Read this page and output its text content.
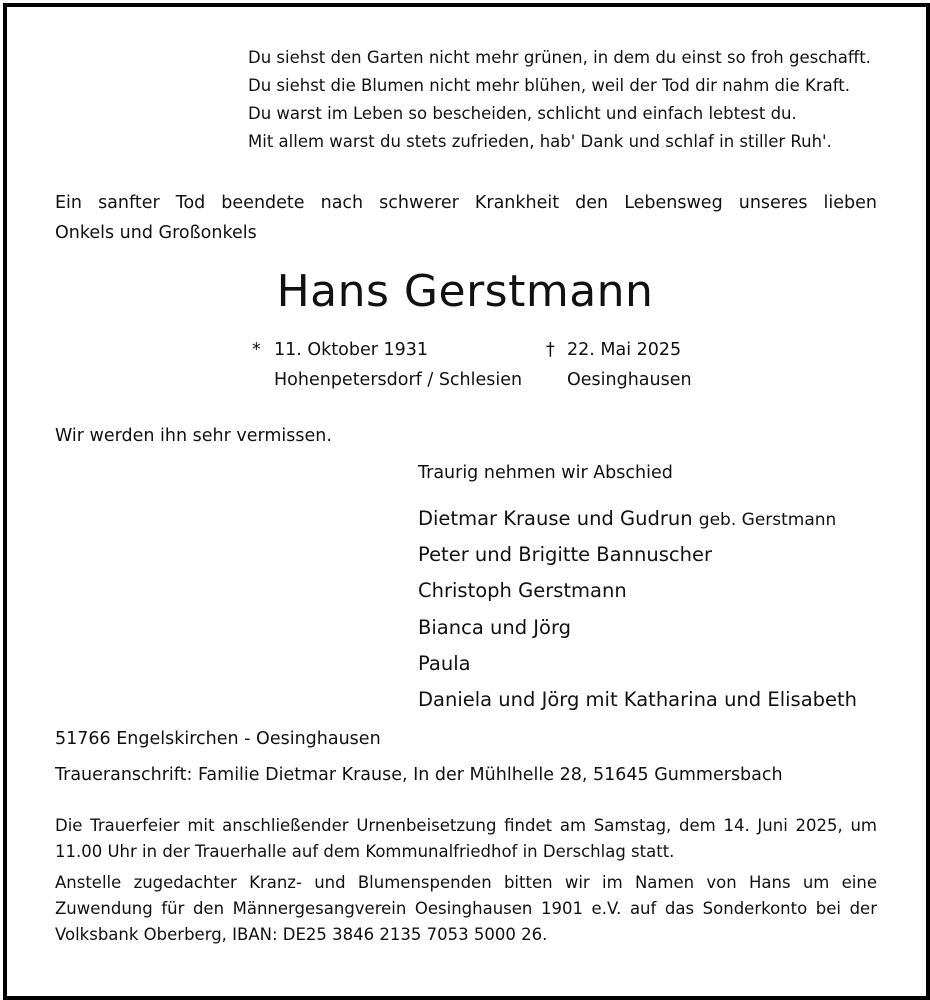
Du siehst den Garten nicht mehr grünen, in dem du einst so froh geschafft.
Du siehst die Blumen nicht mehr blühen, weil der Tod dir nahm die Kraft.
Du warst im Leben so bescheiden, schlicht und einfach lebtest du.
Mit allem warst du stets zufrieden, hab' Dank und schlaf in stiller Ruh'.
Ein sanfter Tod beendete nach schwerer Krankheit den Lebensweg unseres lieben
Onkels und Großonkels
Hans Gerstmann
* 11. Oktober 1931
Hohenpetersdorf / Schlesien
† 22. Mai 2025
Oesinghausen
Wir werden ihn sehr vermissen.
Traurig nehmen wir Abschied
Dietmar Krause und Gudrun geb. Gerstmann
Peter und Brigitte Bannuscher
Christoph Gerstmann
Bianca und Jörg
Paula
Daniela und Jörg mit Katharina und Elisabeth
51766 Engelskirchen - Oesinghausen
Traueranschrift: Familie Dietmar Krause, In der Mühlhelle 28, 51645 Gummersbach
Die Trauerfeier mit anschließender Urnenbeisetzung findet am Samstag, dem 14. Juni 2025, um
11.00 Uhr in der Trauerhalle auf dem Kommunalfriedhof in Derschlag statt.
Anstelle zugedachter Kranz- und Blumenspenden bitten wir im Namen von Hans um eine
Zuwendung für den Männergesangverein Oesinghausen 1901 e.V. auf das Sonderkonto bei der
Volksbank Oberberg, IBAN: DE25 3846 2135 7053 5000 26.
